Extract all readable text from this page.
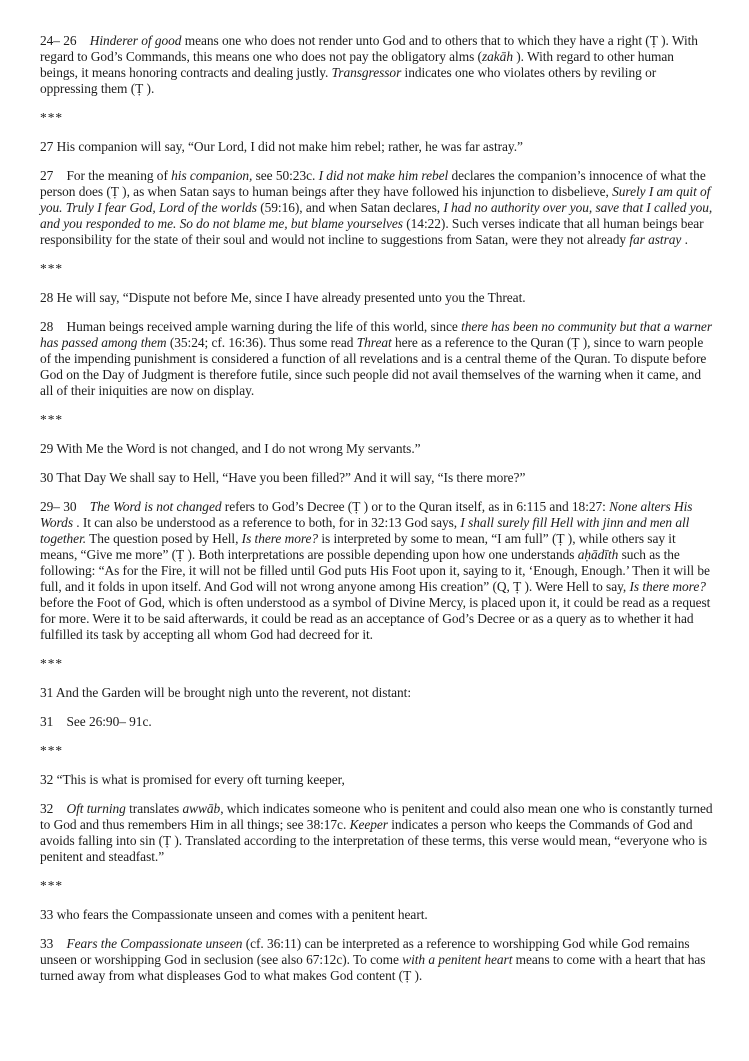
24– 26    Hinderer of good means one who does not render unto God and to others that to which they have a right (Ṭ ). With regard to God’s Commands, this means one who does not pay the obligatory alms (zakāh ). With regard to other human beings, it means honoring contracts and dealing justly. Transgressor indicates one who violates others by reviling or oppressing them (Ṭ ).

***

27 His companion will say, “Our Lord, I did not make him rebel; rather, he was far astray.”

27    For the meaning of his companion, see 50:23c. I did not make him rebel declares the companion’s innocence of what the person does (Ṭ ), as when Satan says to human beings after they have followed his injunction to disbelieve, Surely I am quit of you. Truly I fear God, Lord of the worlds (59:16), and when Satan declares, I had no authority over you, save that I called you, and you responded to me. So do not blame me, but blame yourselves (14:22). Such verses indicate that all human beings bear responsibility for the state of their soul and would not incline to suggestions from Satan, were they not already far astray .

***

28 He will say, “Dispute not before Me, since I have already presented unto you the Threat.

28    Human beings received ample warning during the life of this world, since there has been no community but that a warner has passed among them (35:24; cf. 16:36). Thus some read Threat here as a reference to the Quran (Ṭ ), since to warn people of the impending punishment is considered a function of all revelations and is a central theme of the Quran. To dispute before God on the Day of Judgment is therefore futile, since such people did not avail themselves of the warning when it came, and all of their iniquities are now on display.

***

29 With Me the Word is not changed, and I do not wrong My servants.”

30 That Day We shall say to Hell, “Have you been filled?” And it will say, “Is there more?”

29– 30    The Word is not changed refers to God’s Decree (Ṭ ) or to the Quran itself, as in 6:115 and 18:27: None alters His Words . It can also be understood as a reference to both, for in 32:13 God says, I shall surely fill Hell with jinn and men all together. The question posed by Hell, Is there more? is interpreted by some to mean, “I am full” (Ṭ ), while others say it means, “Give me more” (Ṭ ). Both interpretations are possible depending upon how one understands aḥādīth such as the following: “As for the Fire, it will not be filled until God puts His Foot upon it, saying to it, ‘Enough, Enough.’ Then it will be full, and it folds in upon itself. And God will not wrong anyone among His creation” (Q, Ṭ ). Were Hell to say, Is there more? before the Foot of God, which is often understood as a symbol of Divine Mercy, is placed upon it, it could be read as a request for more. Were it to be said afterwards, it could be read as an acceptance of God’s Decree or as a query as to whether it had fulfilled its task by accepting all whom God had decreed for it.

***

31 And the Garden will be brought nigh unto the reverent, not distant:

31    See 26:90– 91c.

***

32 “This is what is promised for every oft turning keeper,

32    Oft turning translates awwāb, which indicates someone who is penitent and could also mean one who is constantly turned to God and thus remembers Him in all things; see 38:17c. Keeper indicates a person who keeps the Commands of God and avoids falling into sin (Ṭ ). Translated according to the interpretation of these terms, this verse would mean, “everyone who is penitent and steadfast.”

***

33 who fears the Compassionate unseen and comes with a penitent heart.

33    Fears the Compassionate unseen (cf. 36:11) can be interpreted as a reference to worshipping God while God remains unseen or worshipping God in seclusion (see also 67:12c). To come with a penitent heart means to come with a heart that has turned away from what displeases God to what makes God content (Ṭ ).
